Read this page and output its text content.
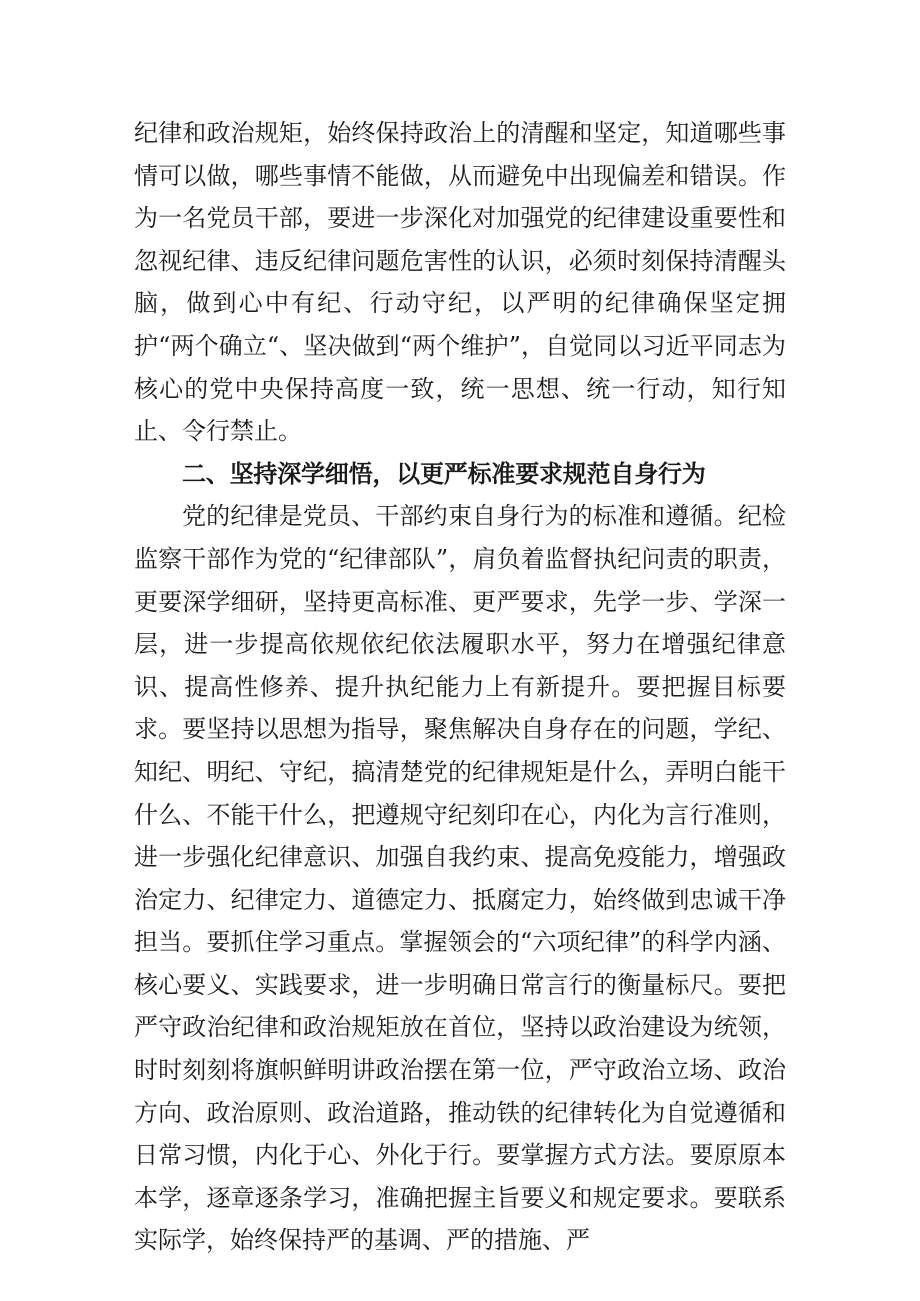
纪律和政治规矩，始终保持政治上的清醒和坚定，知道哪些事情可以做，哪些事情不能做，从而避免中出现偏差和错误。作为一名党员干部，要进一步深化对加强党的纪律建设重要性和忽视纪律、违反纪律问题危害性的认识，必须时刻保持清醒头脑，做到心中有纪、行动守纪，以严明的纪律确保坚定拥护“两个确立“、坚决做到“两个维护”，自觉同以习近平同志为核心的党中央保持高度一致，统一思想、统一行动，知行知止、令行禁止。

二、坚持深学细悟，以更严标准要求规范自身行为

党的纪律是党员、干部约束自身行为的标准和遵循。纪检监察干部作为党的“纪律部队”，肩负着监督执纪问责的职责，更要深学细研，坚持更高标准、更严要求，先学一步、学深一层，进一步提高依规依纪依法履职水平，努力在增强纪律意识、提高性修养、提升执纪能力上有新提升。要把握目标要求。要坚持以思想为指导，聚焦解决自身存在的问题，学纪、知纪、明纪、守纪，搞清楚党的纪律规矩是什么，弄明白能干什么、不能干什么，把遵规守纪刻印在心，内化为言行准则，进一步强化纪律意识、加强自我约束、提高免疫能力，增强政治定力、纪律定力、道德定力、抵腐定力，始终做到忠诚干净担当。要抓住学习重点。掌握领会的“六项纪律”的科学内涵、核心要义、实践要求，进一步明确日常言行的衡量标尺。要把严守政治纪律和政治规矩放在首位，坚持以政治建设为统领，时时刻刻将旗帜鲜明讲政治摆在第一位，严守政治立场、政治方向、政治原则、政治道路，推动铁的纪律转化为自觉遵循和日常习惯，内化于心、外化于行。要掌握方式方法。要原原本本学，逐章逐条学习，准确把握主旨要义和规定要求。要联系实际学，始终保持严的基调、严的措施、严
